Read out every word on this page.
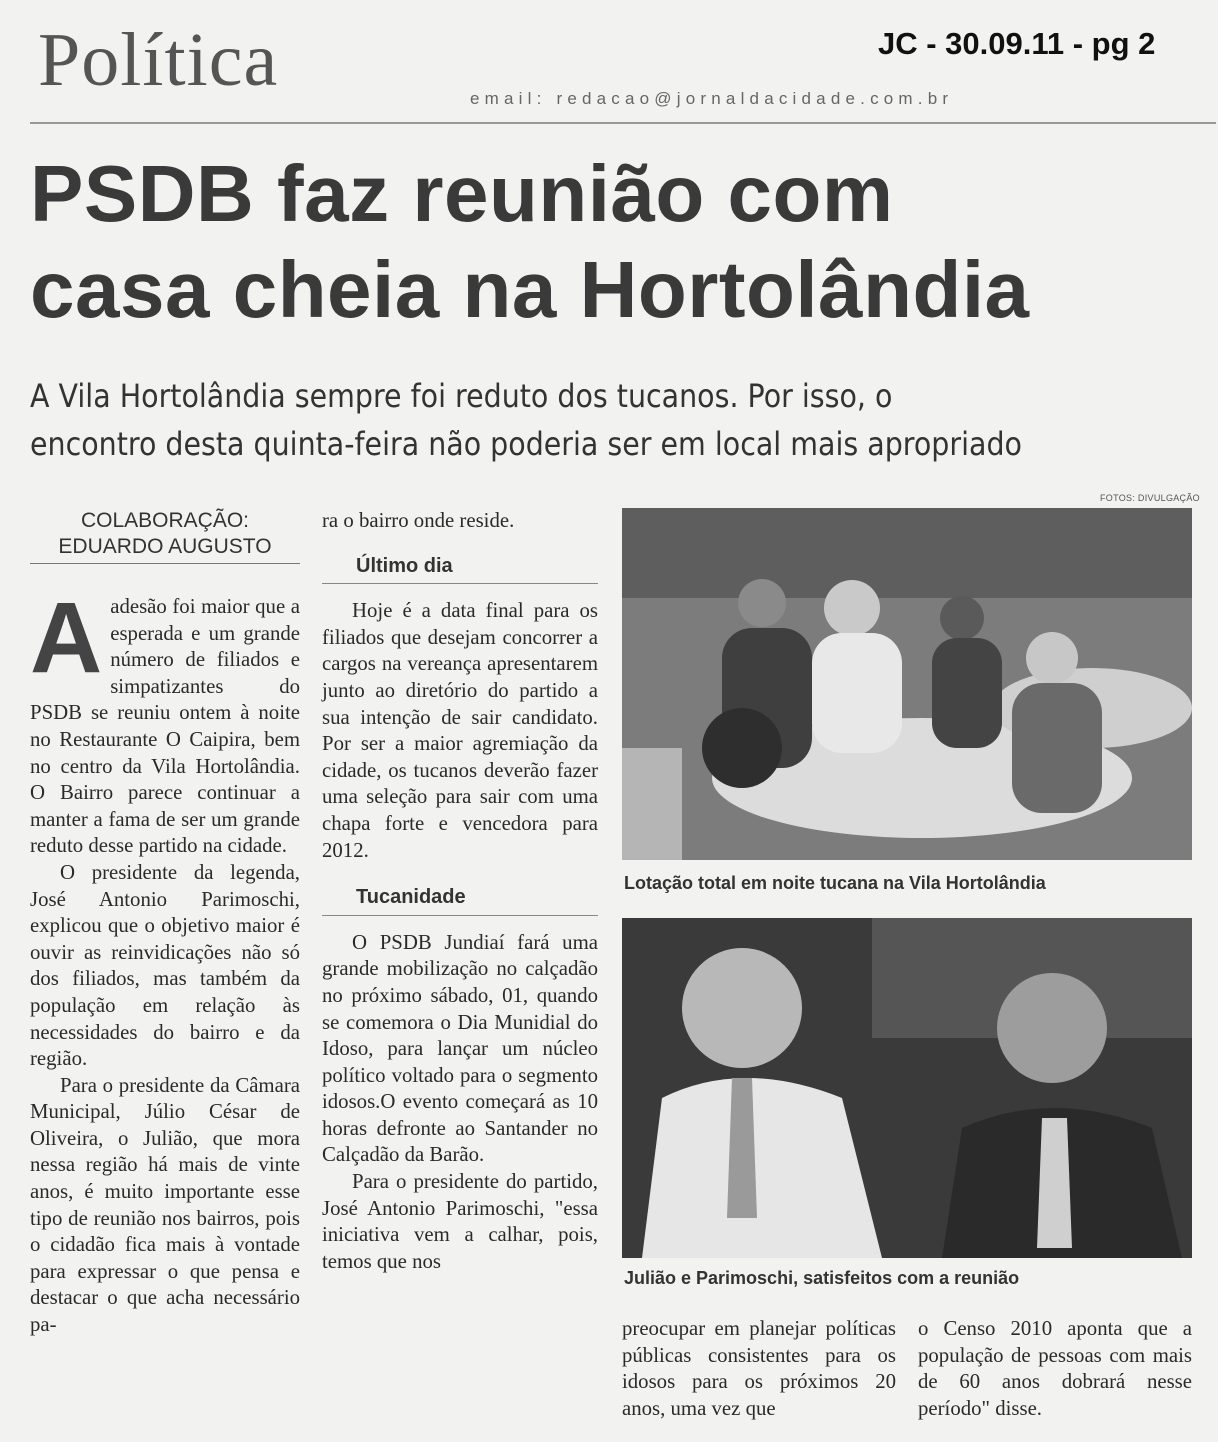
Política	JC - 30.09.11 - pg 2
email: redacao@jornaldacidade.com.br
PSDB faz reunião com
casa cheia na Hortolândia
A Vila Hortolândia sempre foi reduto dos tucanos. Por isso, o
encontro desta quinta-feira não poderia ser em local mais apropriado
FOTOS: DIVULGAÇÃO
COLABORAÇÃO:
EDUARDO AUGUSTO

Aadesão foi maior que a esperada e um grande número de filiados e simpatizantes do PSDB se reuniu ontem à noite no Restaurante O Caipira, bem no centro da Vila Hortolândia. O Bairro parece continuar a manter a fama de ser um grande reduto desse partido na cidade.

O presidente da legenda, José Antonio Parimoschi, explicou que o objetivo maior é ouvir as reinvidicações não só dos filiados, mas também da população em relação às necessidades do bairro e da região.

Para o presidente da Câmara Municipal, Júlio César de Oliveira, o Julião, que mora nessa região há mais de vinte anos, é muito importante esse tipo de reunião nos bairros, pois o cidadão fica mais à vontade para expressar o que pensa e destacar o que acha necessário pa-

ra o bairro onde reside.

Último dia

Hoje é a data final para os filiados que desejam concorrer a cargos na vereança apresentarem junto ao diretório do partido a sua intenção de sair candidato. Por ser a maior agremiação da cidade, os tucanos deverão fazer uma seleção para sair com uma chapa forte e vencedora para 2012.

Tucanidade

O PSDB Jundiaí fará uma grande mobilização no calçadão no próximo sábado, 01, quando se comemora o Dia Munidial do Idoso, para lançar um núcleo político voltado para o segmento idosos.O evento começará as 10 horas defronte ao Santander no Calçadão da Barão.

Para o presidente do partido, José Antonio Parimoschi, "essa iniciativa vem a calhar, pois, temos que nos

Lotação total em noite tucana na Vila Hortolândia
Julião e Parimoschi, satisfeitos com a reunião

preocupar em planejar políticas públicas consistentes para os idosos para os próximos 20 anos, uma vez que

o Censo 2010 aponta que a população de pessoas com mais de 60 anos dobrará nesse período" disse.
